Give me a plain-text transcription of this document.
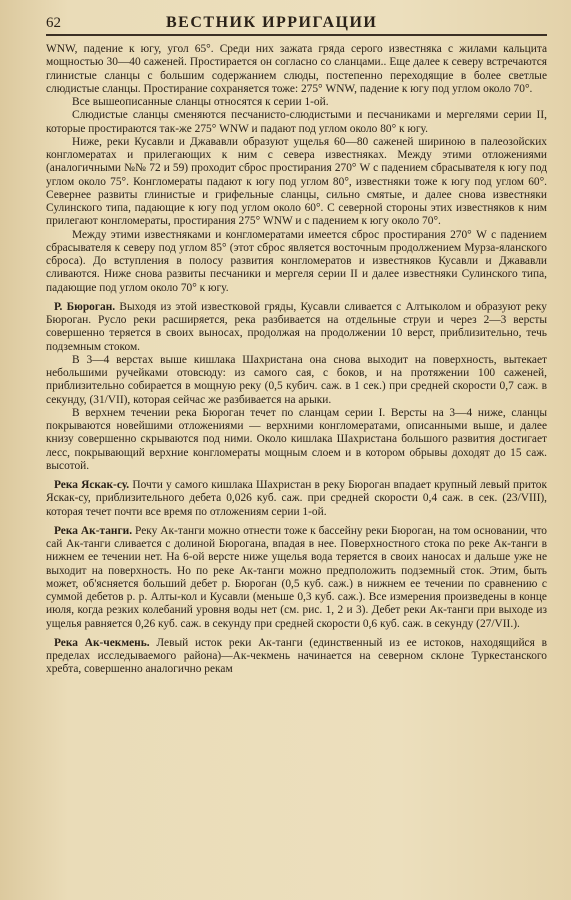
62	ВЕСТНИК ИРРИГАЦИИ

WNW, падение к югу, угол 65°. Среди них зажата гряда серого известняка с жилами кальцита мощностью 30—40 саженей. Простирается он согласно со сланцами.. Еще далее к северу встречаются глинистые сланцы с большим содержанием слюды, постепенно переходящие в более светлые слюдистые сланцы. Простирание сохраняется тоже: 275° WNW, падение к югу под углом около 70°.

Все вышеописанные сланцы относятся к серии 1-ой.

Слюдистые сланцы сменяются песчанисто-слюдистыми и песчаниками и мергелями серии II, которые простираются так-же 275° WNW и падают под углом около 80° к югу.

Ниже, реки Кусавли и Джававли образуют ущелья 60—80 саженей шириною в палеозойских конгломератах и прилегающих к ним с севера известняках. Между этими отложениями (аналогичными №№ 72 и 59) проходит сброс простирания 270° W с падением сбрасывателя к югу под углом около 75°. Конгломераты падают к югу под углом 80°, известняки тоже к югу под углом 60°. Севернее развиты глинистые и грифельные сланцы, сильно смятые, и далее снова известняки Сулинского типа, падающие к югу под углом около 60°. С северной стороны этих известняков к ним прилегают конгломераты, простирания 275° WNW и с падением к югу около 70°.

Между этими известняками и конгломератами имеется сброс простирания 270° W с падением сбрасывателя к северу под углом 85° (этот сброс является восточным продолжением Мурза-яланского сброса). До вступления в полосу развития конгломератов и известняков Кусавли и Джававли сливаются. Ниже снова развиты песчаники и мергеля серии II и далее известняки Сулинского типа, падающие под углом около 70° к югу.

Р. Бюроган. Выходя из этой известковой гряды, Кусавли сливается с Алтыколом и образуют реку Бюроган. Русло реки расширяется, река разбивается на отдельные струи и через 2—3 версты совершенно теряется в своих выносах, продолжая на продолжении 10 верст, приблизительно, течь подземным стоком.

В 3—4 верстах выше кишлака Шахристана она снова выходит на поверхность, вытекает небольшими ручейками отовсюду: из самого сая, с боков, и на протяжении 100 саженей, приблизительно собирается в мощную реку (0,5 кубич. саж. в 1 сек.) при средней скорости 0,7 саж. в секунду, (31/VII), которая сейчас же разбивается на арыки.

В верхнем течении река Бюроган течет по сланцам серии I. Версты на 3—4 ниже, сланцы покрываются новейшими отложениями — верхними конгломератами, описанными выше, и далее книзу совершенно скрываются под ними. Около кишлака Шахристана большого развития достигает лесс, покрывающий верхние конгломераты мощным слоем и в котором обрывы доходят до 15 саж. высотой.

Река Яскак-су. Почти у самого кишлака Шахристан в реку Бюроган впадает крупный левый приток Яскак-су, приблизительного дебета 0,026 куб. саж. при средней скорости 0,4 саж. в сек. (23/VIII), которая течет почти все время по отложениям серии 1-ой.

Река Ак-танги. Реку Ак-танги можно отнести тоже к бассейну реки Бюроган, на том основании, что сай Ак-танги сливается с долиной Бюрогана, впадая в нее. Поверхностного стока по реке Ак-танги в нижнем ее течении нет. На 6-ой версте ниже ущелья вода теряется в своих наносах и дальше уже не выходит на поверхность. Но по реке Ак-танги можно предположить подземный сток. Этим, быть может, об'ясняется больший дебет р. Бюроган (0,5 куб. саж.) в нижнем ее течении по сравнению с суммой дебетов р. р. Алты-кол и Кусавли (меньше 0,3 куб. саж.). Все измерения произведены в конце июля, когда резких колебаний уровня воды нет (см. рис. 1, 2 и 3). Дебет реки Ак-танги при выходе из ущелья равняется 0,26 куб. саж. в секунду при средней скорости 0,6 куб. саж. в секунду (27/VII.).

Река Ак-чекмень. Левый исток реки Ак-танги (единственный из ее истоков, находящийся в пределах исследываемого района)—Ак-чекмень начинается на северном склоне Туркестанского хребта, совершенно аналогично рекам
